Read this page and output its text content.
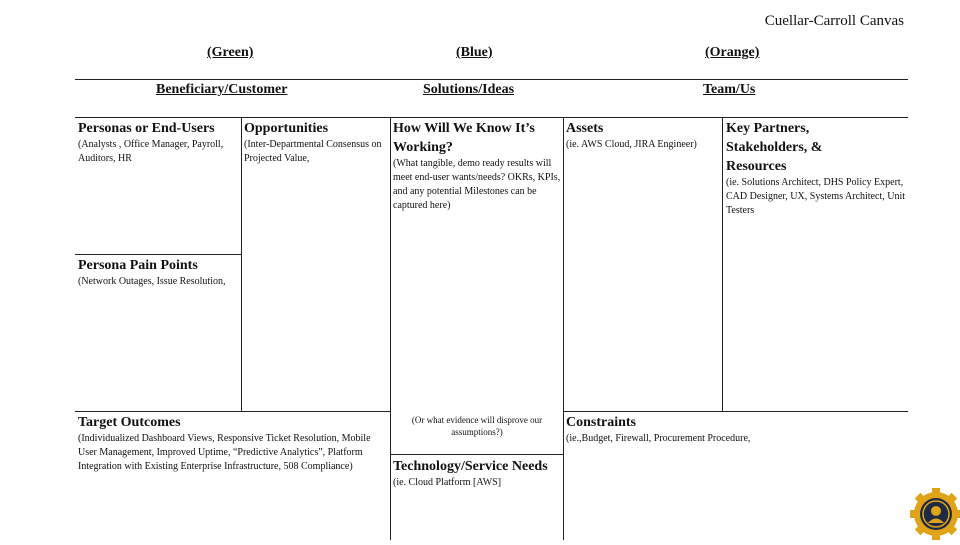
Cuellar-Carroll Canvas
(Green)	(Blue)	(Orange)
Beneficiary/Customer	Solutions/Ideas	Team/Us
Personas or End-Users
(Analysts , Office Manager, Payroll, Auditors, HR
Opportunities
(Inter-Departmental Consensus on Projected Value,
How Will We Know It’s Working?
(What tangible, demo ready results will meet end-user wants/needs? OKRs, KPIs, and any potential Milestones can be captured here)
(Or what evidence will disprove our assumptions?)
Assets
(ie. AWS Cloud, JIRA Engineer)
Key Partners, Stakeholders, & Resources
(ie. Solutions Architect, DHS Policy Expert, CAD Designer, UX, Systems Architect, Unit Testers
Persona Pain Points
(Network Outages, Issue Resolution,
Target Outcomes
(Individualized Dashboard Views, Responsive Ticket Resolution, Mobile User Management, Improved Uptime, “Predictive Analytics”, Platform Integration with Existing Enterprise Infrastructure, 508 Compliance)
Constraints
(ie.,Budget, Firewall, Procurement Procedure,
Technology/Service Needs
(ie. Cloud Platform [AWS]
